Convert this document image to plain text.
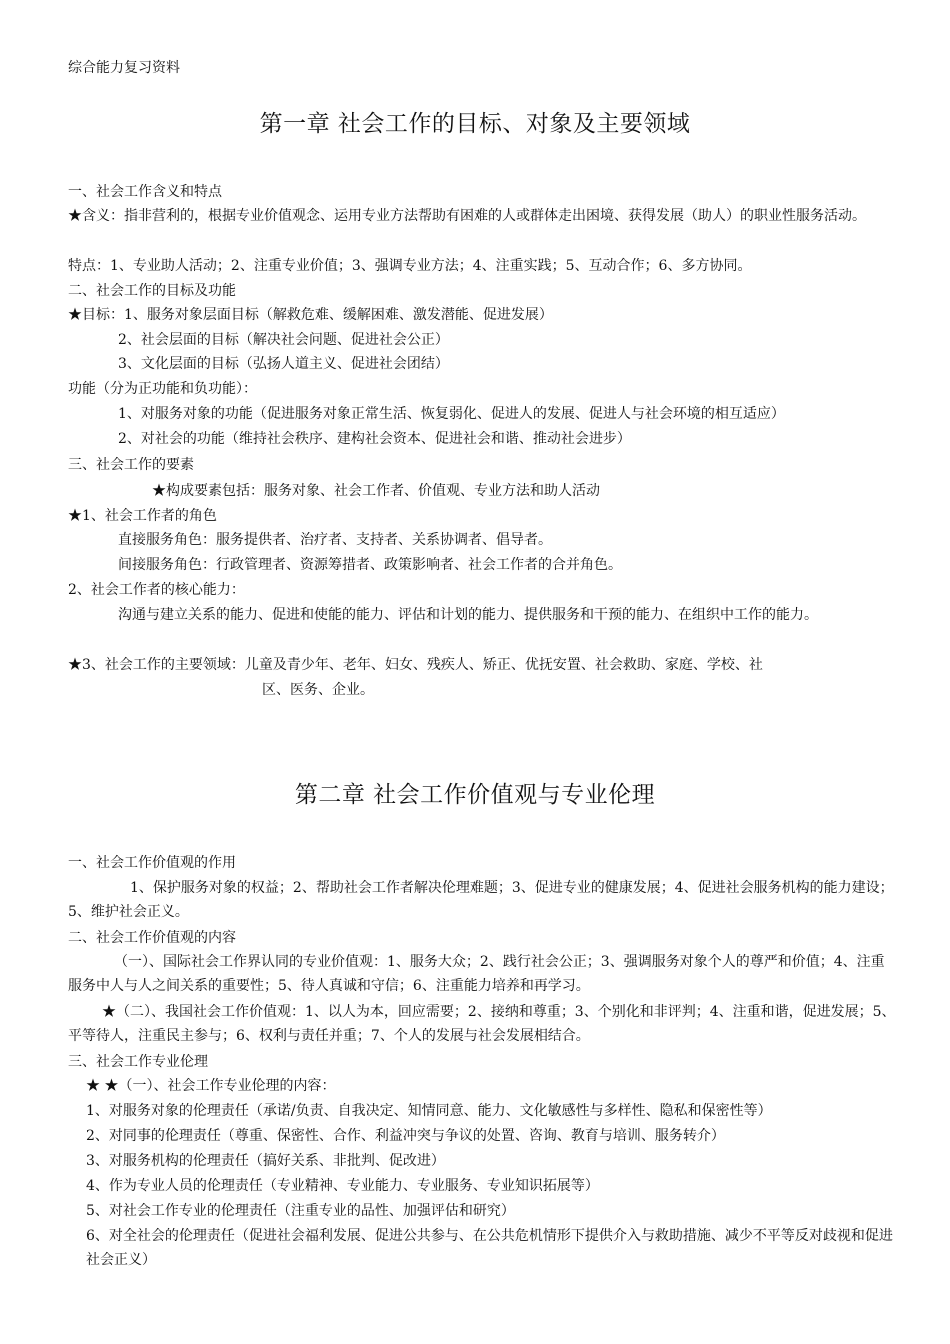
综合能力复习资料
第一章 社会工作的目标、对象及主要领域
一、社会工作含义和特点
★含义：指非营利的，根据专业价值观念、运用专业方法帮助有困难的人或群体走出困境、获得发展（助人）的职业性服务活动。
特点：1、专业助人活动；2、注重专业价值；3、强调专业方法；4、注重实践；5、互动合作；6、多方协同。
二、社会工作的目标及功能
★目标：1、服务对象层面目标（解救危难、缓解困难、激发潜能、促进发展）
2、社会层面的目标（解决社会问题、促进社会公正）
3、文化层面的目标（弘扬人道主义、促进社会团结）
功能（分为正功能和负功能）：
1、对服务对象的功能（促进服务对象正常生活、恢复弱化、促进人的发展、促进人与社会环境的相互适应）
2、对社会的功能（维持社会秩序、建构社会资本、促进社会和谐、推动社会进步）
三、社会工作的要素
★构成要素包括：服务对象、社会工作者、价值观、专业方法和助人活动
★1、社会工作者的角色
直接服务角色：服务提供者、治疗者、支持者、关系协调者、倡导者。
间接服务角色：行政管理者、资源筹措者、政策影响者、社会工作者的合并角色。
2、社会工作者的核心能力：
沟通与建立关系的能力、促进和使能的能力、评估和计划的能力、提供服务和干预的能力、在组织中工作的能力。
★3、社会工作的主要领域：儿童及青少年、老年、妇女、残疾人、矫正、优抚安置、社会救助、家庭、学校、社
区、医务、企业。
第二章 社会工作价值观与专业伦理
一、社会工作价值观的作用
1、保护服务对象的权益；2、帮助社会工作者解决伦理难题；3、促进专业的健康发展；4、促进社会服务机构的能力建设；5、维护社会正义。
二、社会工作价值观的内容
（一）、国际社会工作界认同的专业价值观：1、服务大众；2、践行社会公正；3、强调服务对象个人的尊严和价值；4、注重服务中人与人之间关系的重要性；5、待人真诚和守信；6、注重能力培养和再学习。
★（二）、我国社会工作价值观：1、以人为本，回应需要；2、接纳和尊重；3、个别化和非评判；4、注重和谐，促进发展；5、平等待人，注重民主参与；6、权利与责任并重；7、个人的发展与社会发展相结合。
三、社会工作专业伦理
★ ★（一）、社会工作专业伦理的内容：
1、对服务对象的伦理责任（承诺/负责、自我决定、知情同意、能力、文化敏感性与多样性、隐私和保密性等）
2、对同事的伦理责任（尊重、保密性、合作、利益冲突与争议的处置、咨询、教育与培训、服务转介）
3、对服务机构的伦理责任（搞好关系、非批判、促改进）
4、作为专业人员的伦理责任（专业精神、专业能力、专业服务、专业知识拓展等）
5、对社会工作专业的伦理责任（注重专业的品性、加强评估和研究）
6、对全社会的伦理责任（促进社会福利发展、促进公共参与、在公共危机情形下提供介入与救助措施、减少不平等反对歧视和促进社会正义）
